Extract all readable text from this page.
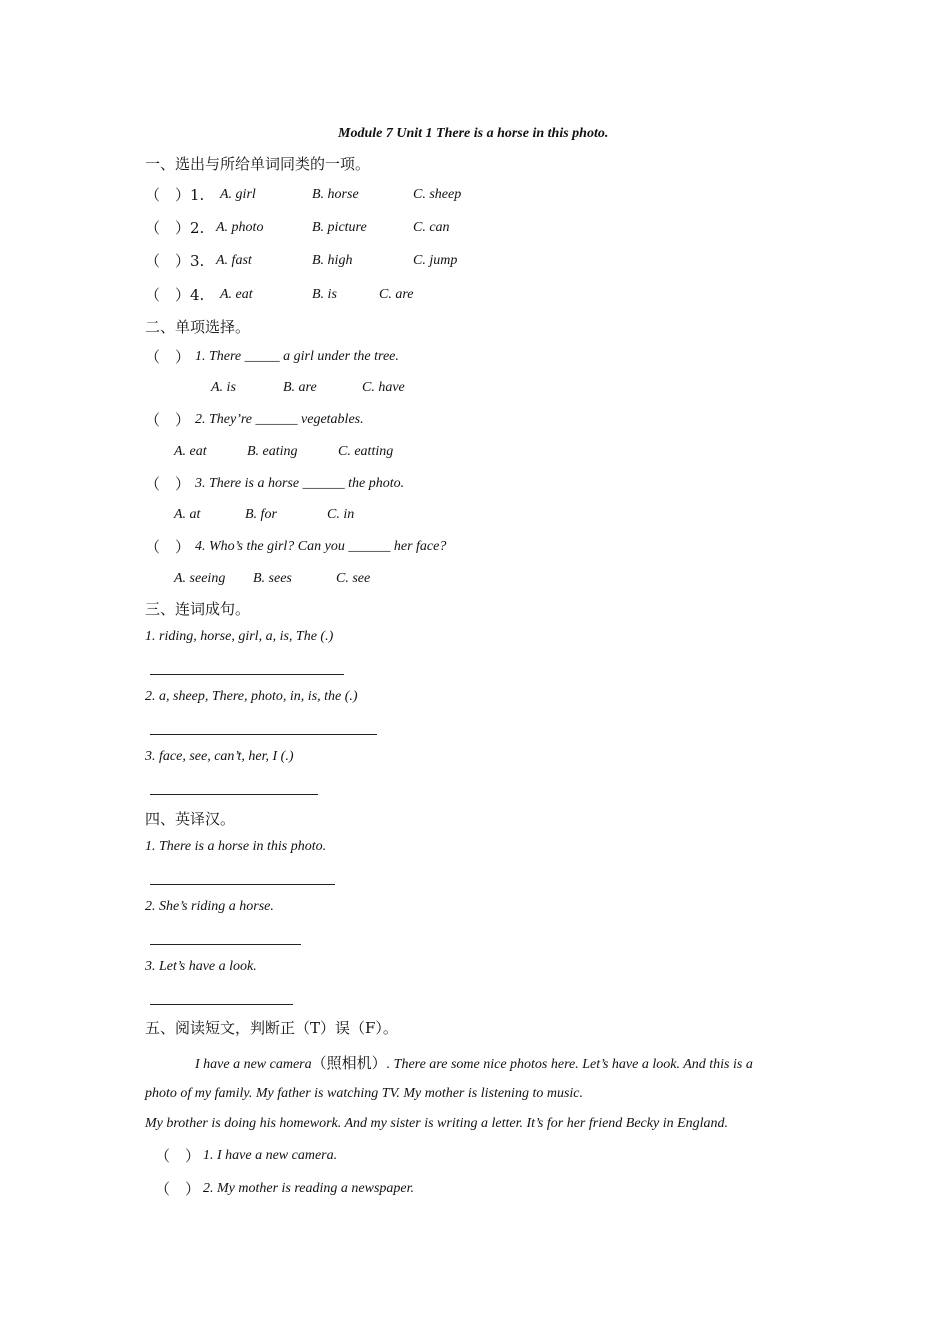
Module 7 Unit 1 There is a horse in this photo.
一、选出与所给单词同类的一项。
（　）1. A. girl	B. horse	C. sheep
（　）2. A. photo	B. picture	C. can
（　）3. A. fast	B. high	C. jump
（　）4. A. eat	B. is	C. are
二、单项选择。
（　） 1. There _____ a girl under the tree.
A. is	B. are	C. have
（　） 2. They’re ______ vegetables.
A. eat	B. eating	C. eatting
（　） 3. There is a horse ______ the photo.
A. at	B. for	C. in
（　） 4. Who’s the girl? Can you ______ her face?
A. seeing B. sees	C. see
三、连词成句。
1. riding, horse, girl, a, is, The (.)
2. a, sheep, There, photo, in, is, the (.)
3. face, see, can’t, her, I (.)
四、英译汉。
1. There is a horse in this photo.
2. She’s riding a horse.
3. Let’s have a look.
五、阅读短文，判断正（T）误（F）。
I have a new camera（照相机）. There are some nice photos here. Let’s have a look. And this is a
photo of my family. My father is watching TV. My mother is listening to music.
My brother is doing his homework. And my sister is writing a letter. It’s for her friend Becky in England.
（　） 1. I have a new camera.
（　） 2. My mother is reading a newspaper.
